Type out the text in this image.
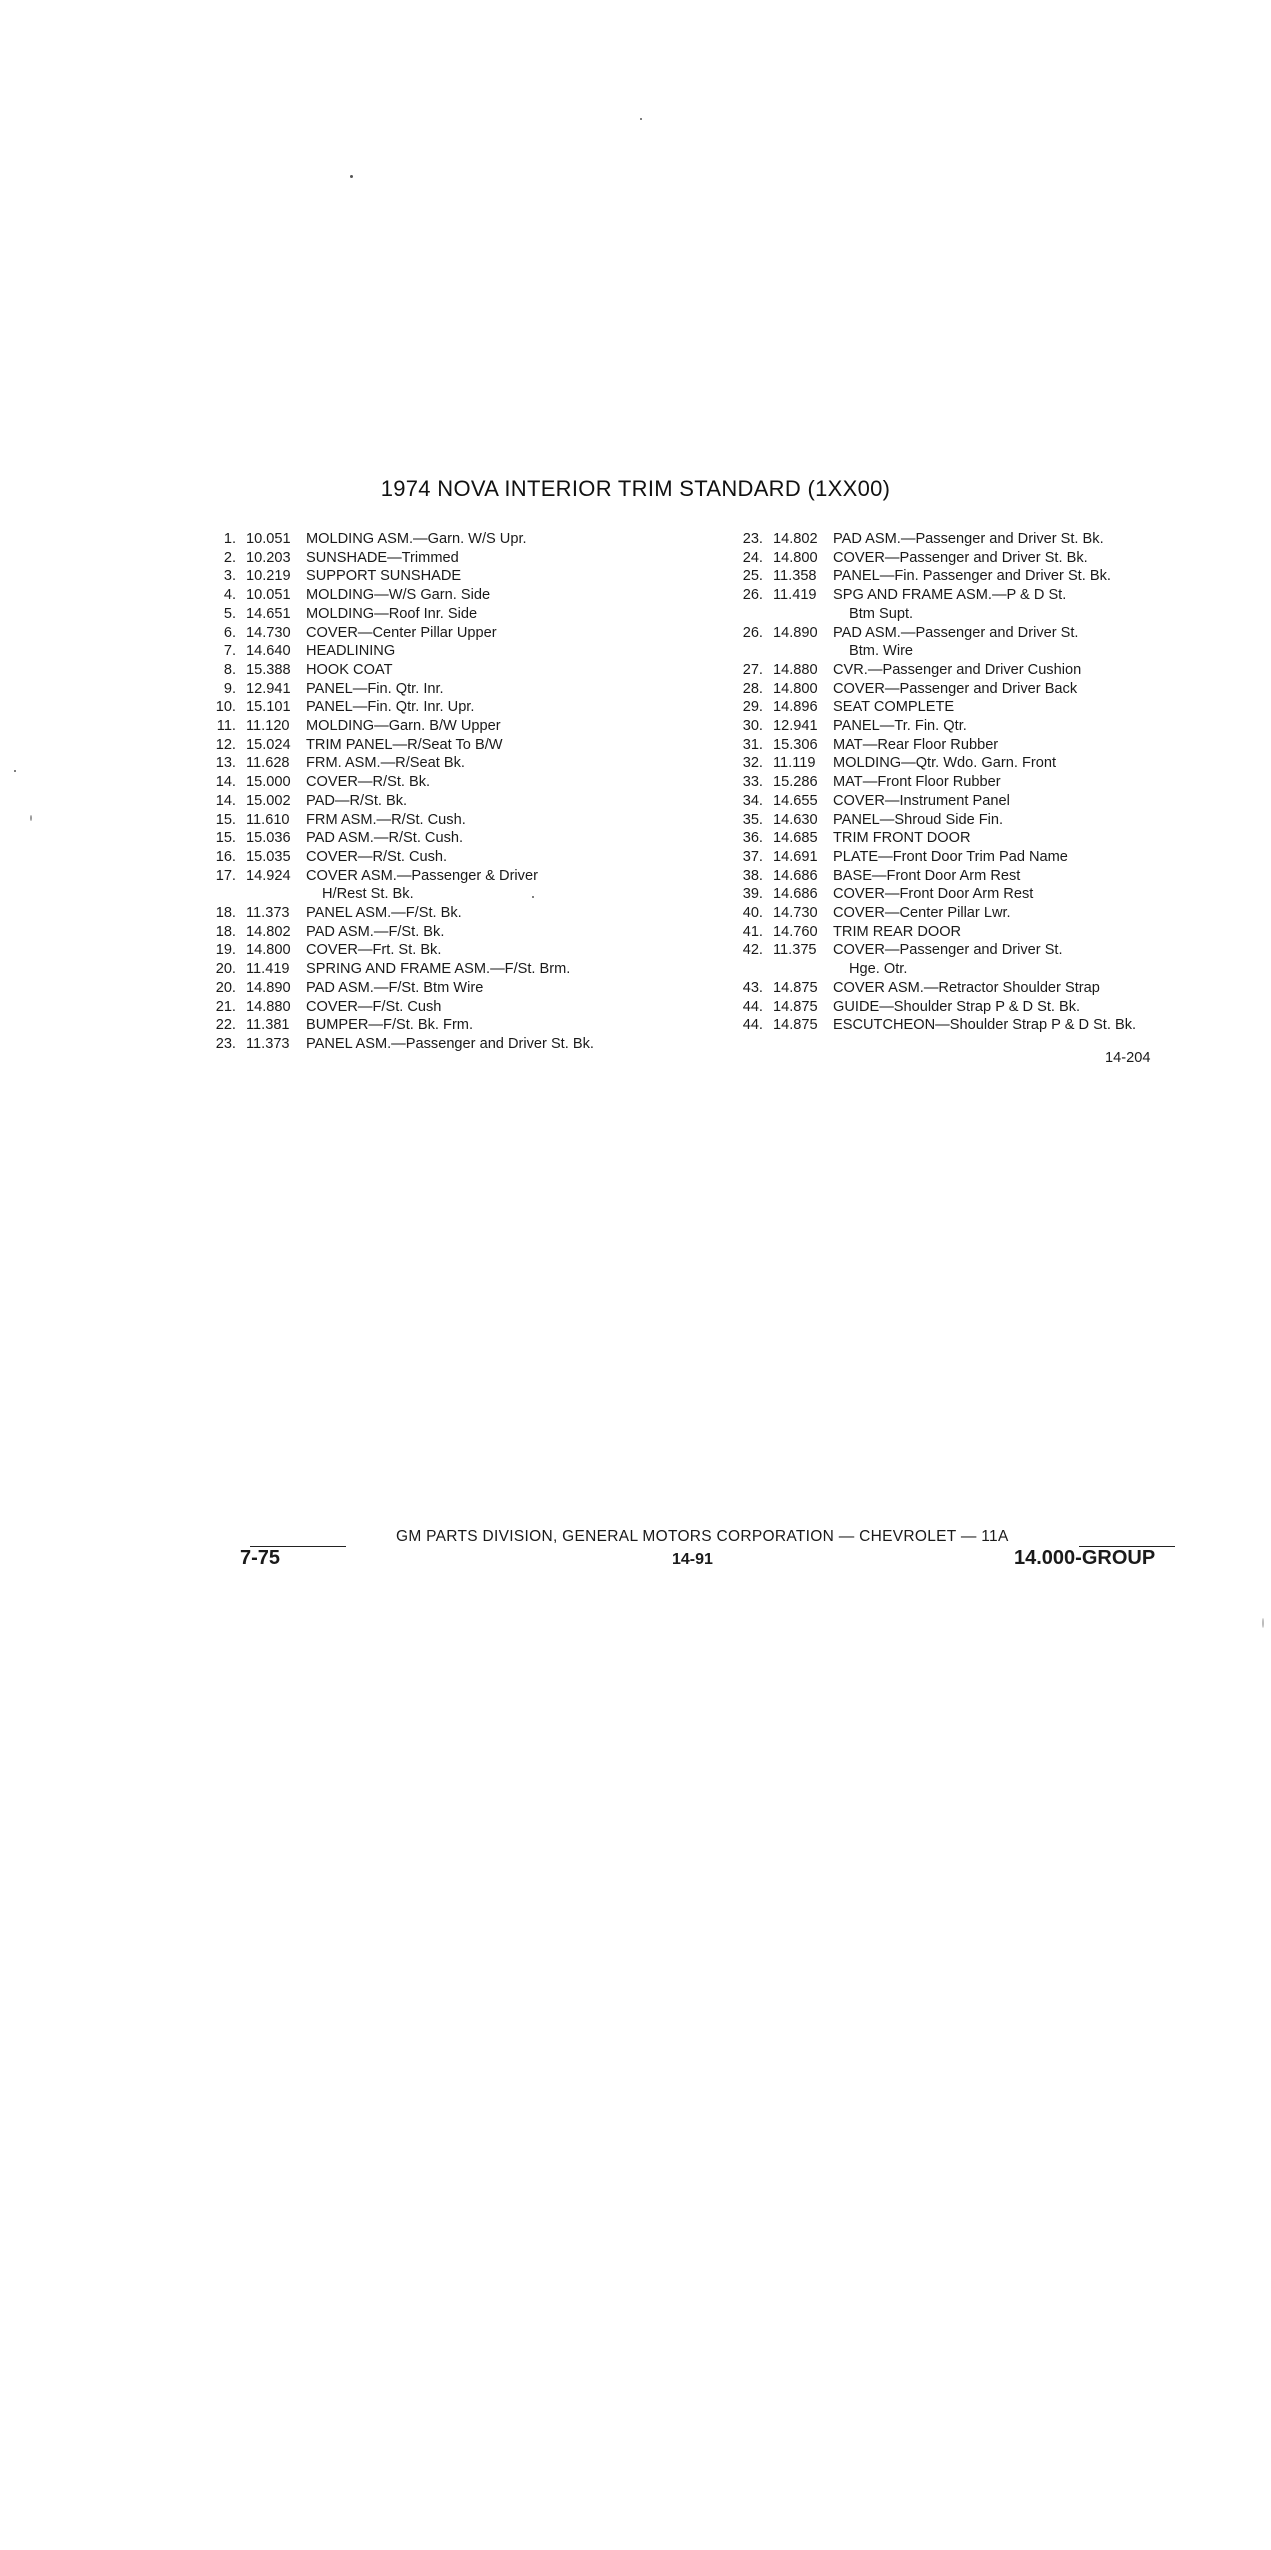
1974 NOVA INTERIOR TRIM STANDARD (1XX00)
1. 10.051	MOLDING ASM.—Garn. W/S Upr.
2. 10.203	SUNSHADE—Trimmed
3. 10.219	SUPPORT SUNSHADE
4. 10.051	MOLDING—W/S Garn. Side
5. 14.651	MOLDING—Roof Inr. Side
6. 14.730	COVER—Center Pillar Upper
7. 14.640	HEADLINING
8. 15.388	HOOK COAT
9. 12.941	PANEL—Fin. Qtr. Inr.
10. 15.101	PANEL—Fin. Qtr. Inr. Upr.
11. 11.120	MOLDING—Garn. B/W Upper
12. 15.024	TRIM PANEL—R/Seat To B/W
13. 11.628	FRM. ASM.—R/Seat Bk.
14. 15.000	COVER—R/St. Bk.
14. 15.002	PAD—R/St. Bk.
15. 11.610	FRM ASM.—R/St. Cush.
15. 15.036	PAD ASM.—R/St. Cush.
16. 15.035	COVER—R/St. Cush.
17. 14.924	COVER ASM.—Passenger & Driver
H/Rest St. Bk.
18. 11.373	PANEL ASM.—F/St. Bk.
18. 14.802	PAD ASM.—F/St. Bk.
19. 14.800	COVER—Frt. St. Bk.
20. 11.419	SPRING AND FRAME ASM.—F/St. Brm.
20. 14.890	PAD ASM.—F/St. Btm Wire
21. 14.880	COVER—F/St. Cush
22. 11.381	BUMPER—F/St. Bk. Frm.
23. 11.373	PANEL ASM.—Passenger and Driver St. Bk.
23. 14.802	PAD ASM.—Passenger and Driver St. Bk.
24. 14.800	COVER—Passenger and Driver St. Bk.
25. 11.358	PANEL—Fin. Passenger and Driver St. Bk.
26. 11.419	SPG AND FRAME ASM.—P & D St.
Btm Supt.
26. 14.890	PAD ASM.—Passenger and Driver St.
Btm. Wire
27. 14.880	CVR.—Passenger and Driver Cushion
28. 14.800	COVER—Passenger and Driver Back
29. 14.896	SEAT COMPLETE
30. 12.941	PANEL—Tr. Fin. Qtr.
31. 15.306	MAT—Rear Floor Rubber
32. 11.119	MOLDING—Qtr. Wdo. Garn. Front
33. 15.286	MAT—Front Floor Rubber
34. 14.655	COVER—Instrument Panel
35. 14.630	PANEL—Shroud Side Fin.
36. 14.685	TRIM FRONT DOOR
37. 14.691	PLATE—Front Door Trim Pad Name
38. 14.686	BASE—Front Door Arm Rest
39. 14.686	COVER—Front Door Arm Rest
40. 14.730	COVER—Center Pillar Lwr.
41. 14.760	TRIM REAR DOOR
42. 11.375	COVER—Passenger and Driver St.
Hge. Otr.
43. 14.875	COVER ASM.—Retractor Shoulder Strap
44. 14.875	GUIDE—Shoulder Strap P & D St. Bk.
44. 14.875	ESCUTCHEON—Shoulder Strap P & D St. Bk.
14-204
GM PARTS DIVISION, GENERAL MOTORS CORPORATION — CHEVROLET — 11A
7-75	14-91	14.000-GROUP
